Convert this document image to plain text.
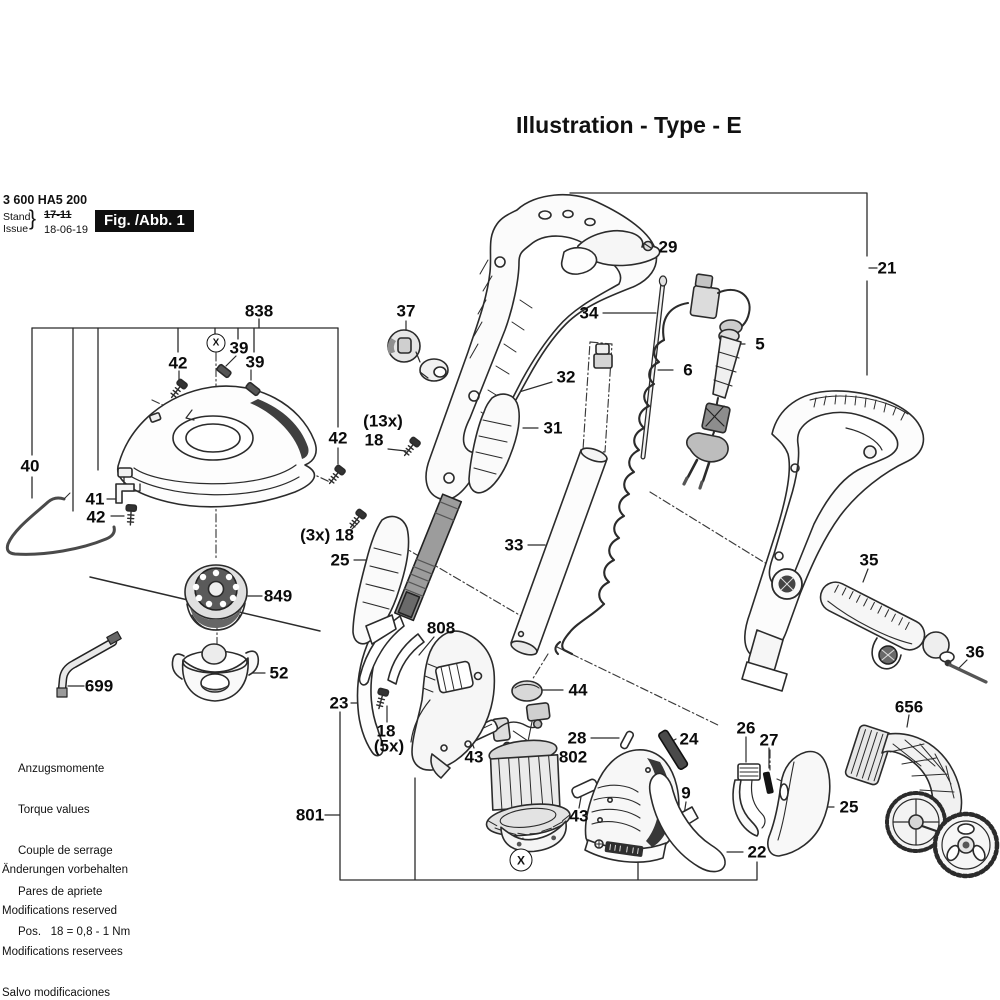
Illustration - Type - E
3 600 HA5 200
Stand
Issue } 17-11
18-06-19
Fig. /Abb. 1

Anzugsmomente

Torque values

Couple de serrage

Pares de apriete

Pos.   18 = 0,8 - 1 Nm

Änderungen vorbehalten

Modifications reserved

Modifications reservees

Salvo modificaciones

838
42
39
39
42
40
41
42
849
699
52
37
29
32
31
(13x)
18
(3x) 18
25
808
23
18
(5x)
43	802
801
34
21
5
6
33
35
36
44
28	24
26
27
9
22
656
25
43
X
X
